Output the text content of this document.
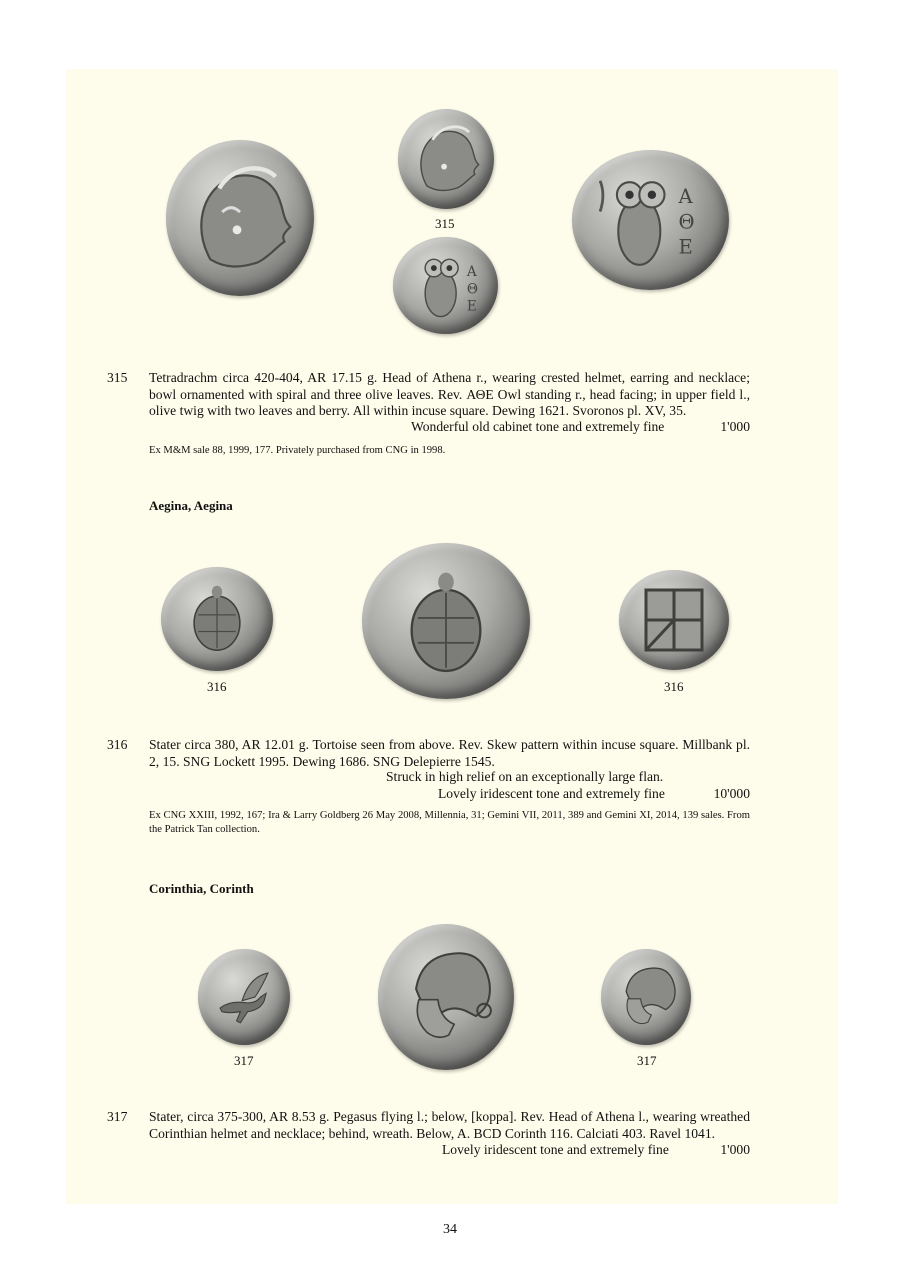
315
Α
Θ
Ε
Α
Θ
Ε
315 Tetradrachm circa 420-404, AR 17.15 g. Head of Athena r., wearing crested helmet, earring and necklace; bowl ornamented with spiral and three olive leaves. Rev. ΑΘΕ Owl standing r., head facing; in upper field l., olive twig with two leaves and berry. All within incuse square. Dewing 1621. Svoronos pl. XV, 35.
Wonderful old cabinet tone and extremely fine	1'000
Ex M&M sale 88, 1999, 177. Privately purchased from CNG in 1998.
Aegina, Aegina
316	316
316 Stater circa 380, AR 12.01 g. Tortoise seen from above. Rev. Skew pattern within incuse square. Millbank pl. 2, 15. SNG Lockett 1995. Dewing 1686. SNG Delepierre 1545.
Struck in high relief on an exceptionally large flan.
Lovely iridescent tone and extremely fine	10'000
Ex CNG XXIII, 1992, 167; Ira & Larry Goldberg 26 May 2008, Millennia, 31; Gemini VII, 2011, 389 and Gemini XI, 2014, 139 sales. From the Patrick Tan collection.
Corinthia, Corinth
317	317
317 Stater, circa 375-300, AR 8.53 g. Pegasus flying l.; below, [koppa]. Rev. Head of Athena l., wearing wreathed Corinthian helmet and necklace; behind, wreath. Below, A. BCD Corinth 116. Calciati 403. Ravel 1041.
Lovely iridescent tone and extremely fine	1'000
34
